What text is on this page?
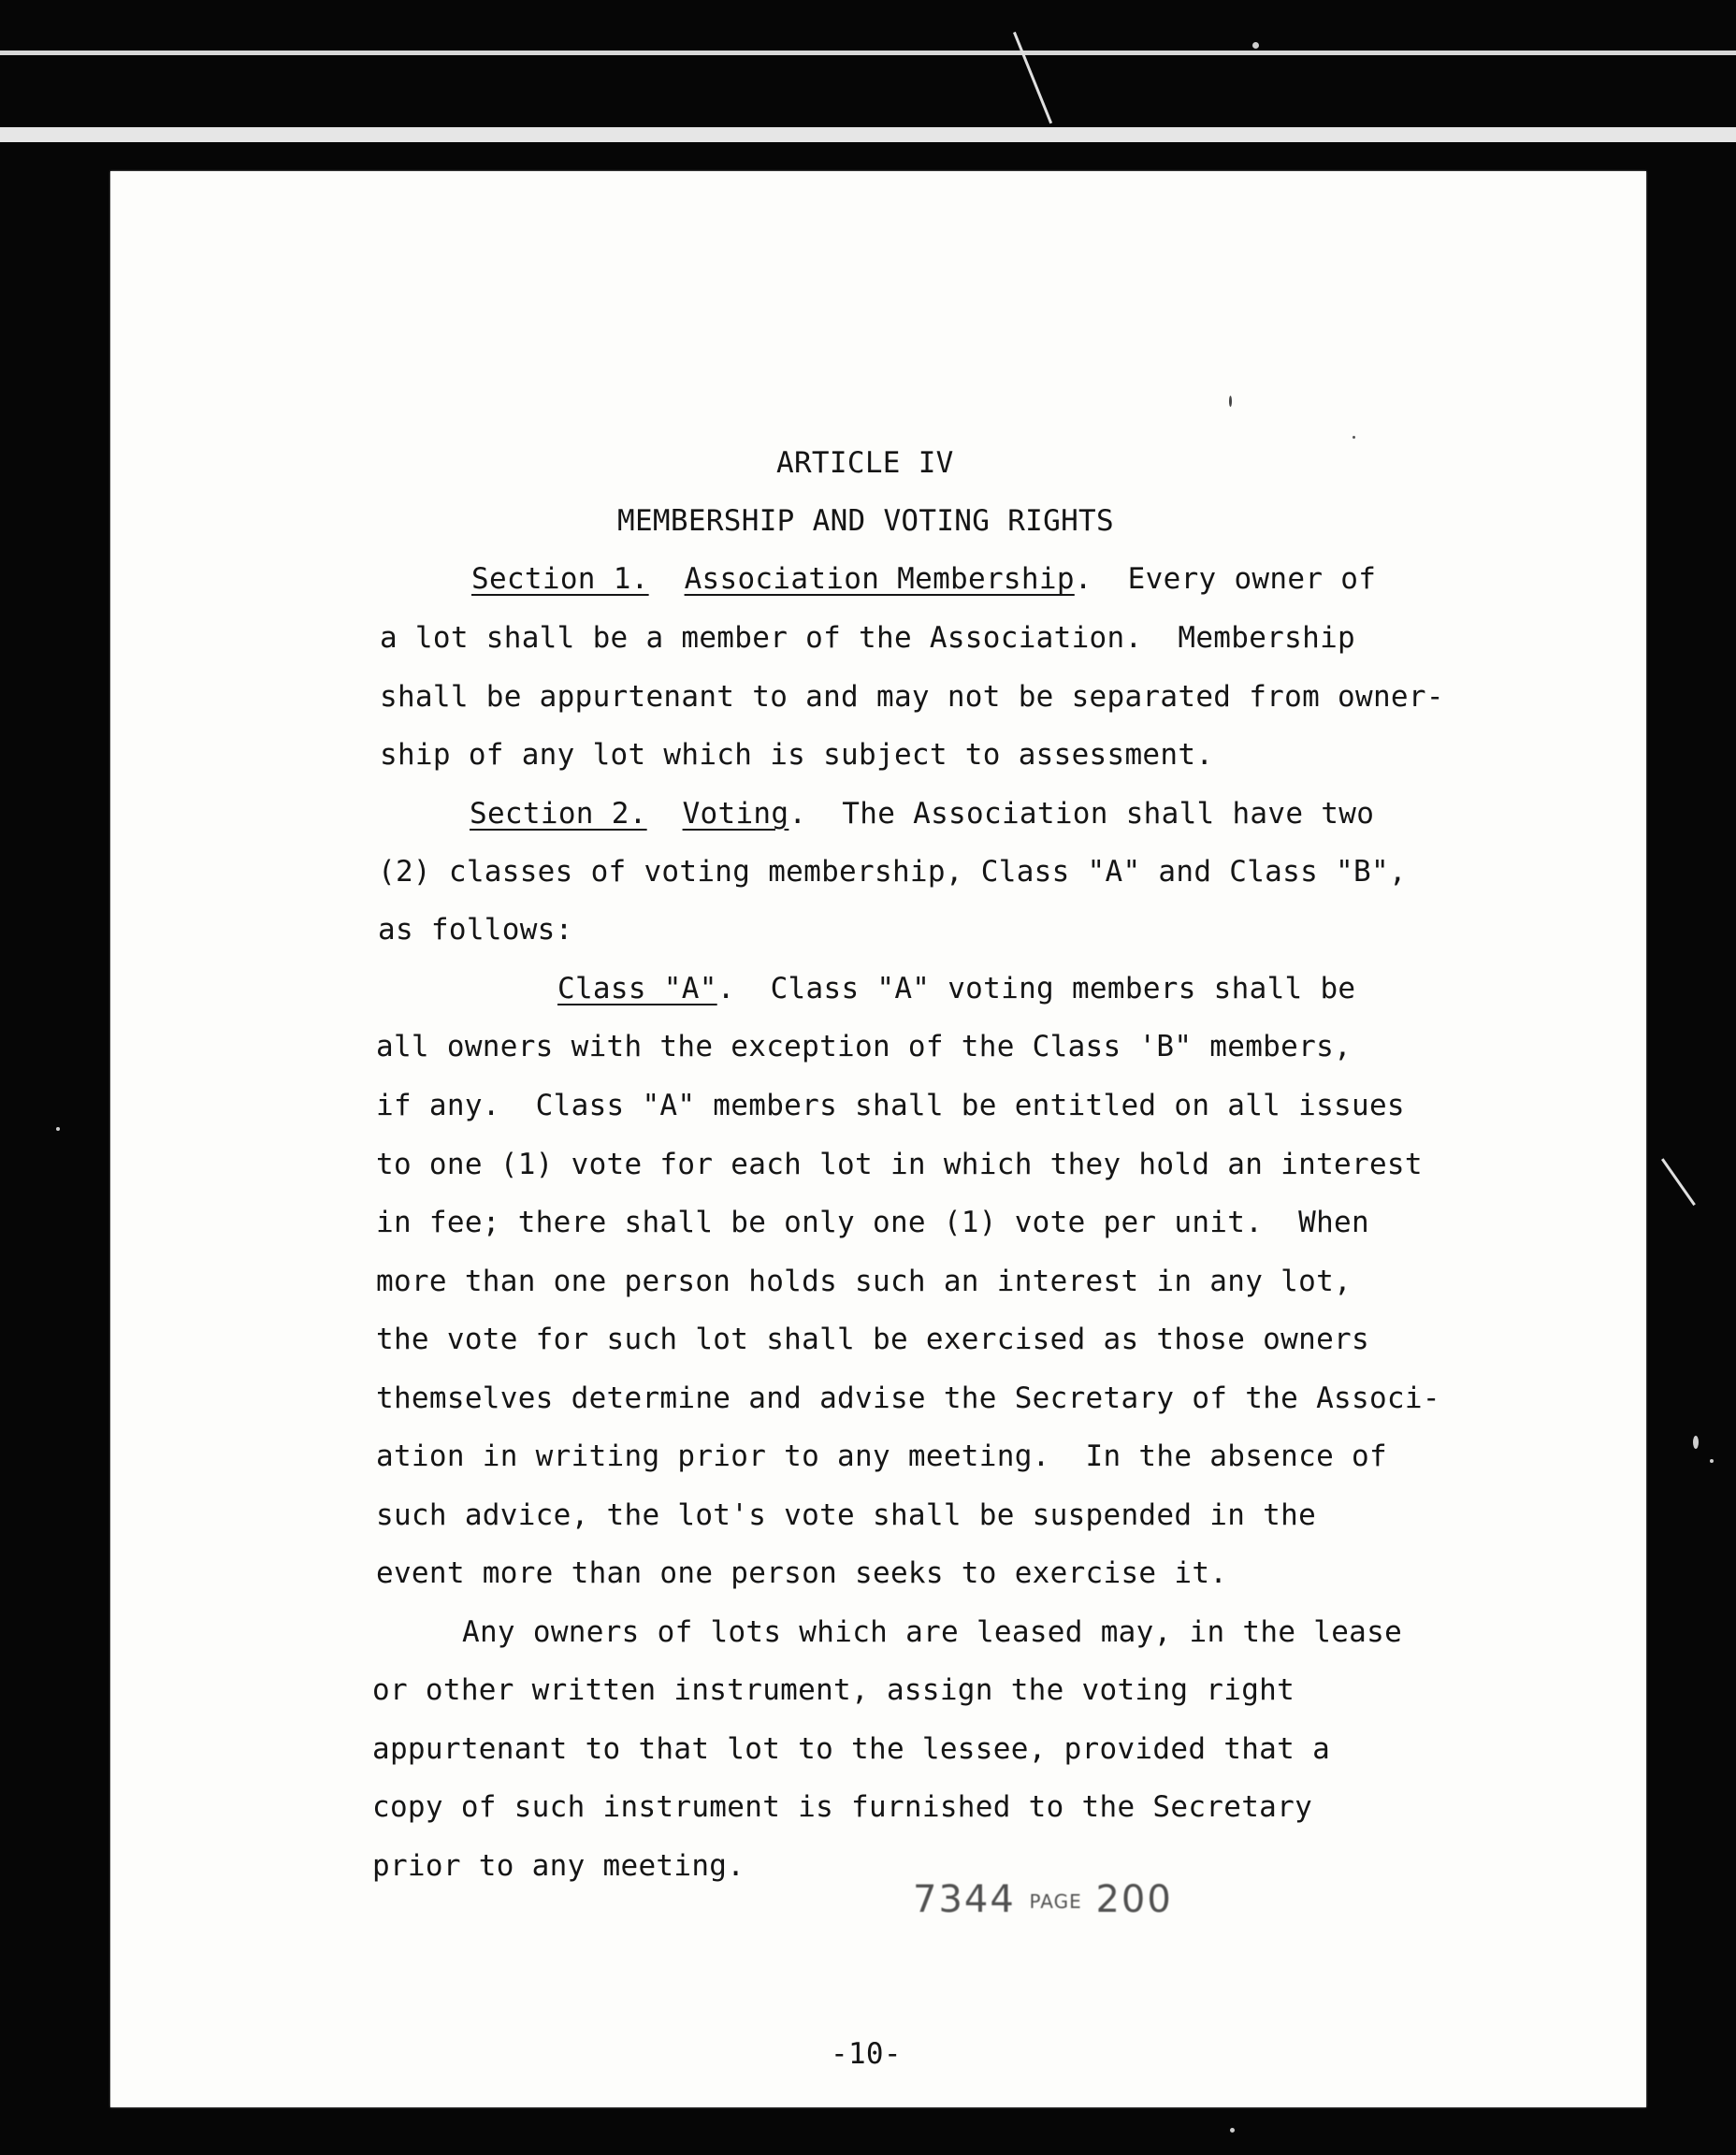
ARTICLE IV
MEMBERSHIP AND VOTING RIGHTS
Section 1. Association Membership.  Every owner of
a lot shall be a member of the Association.  Membership
shall be appurtenant to and may not be separated from owner-
ship of any lot which is subject to assessment.
Section 2. Voting.  The Association shall have two
(2) classes of voting membership, Class "A" and Class "B",
as follows:
Class "A".  Class "A" voting members shall be
all owners with the exception of the Class 'B" members,
if any.  Class "A" members shall be entitled on all issues
to one (1) vote for each lot in which they hold an interest
in fee; there shall be only one (1) vote per unit.  When
more than one person holds such an interest in any lot,
the vote for such lot shall be exercised as those owners
themselves determine and advise the Secretary of the Associ-
ation in writing prior to any meeting.  In the absence of
such advice, the lot's vote shall be suspended in the
event more than one person seeks to exercise it.
Any owners of lots which are leased may, in the lease
or other written instrument, assign the voting right
appurtenant to that lot to the lessee, provided that a
copy of such instrument is furnished to the Secretary
prior to any meeting.
7344 PAGE 200
-10-
